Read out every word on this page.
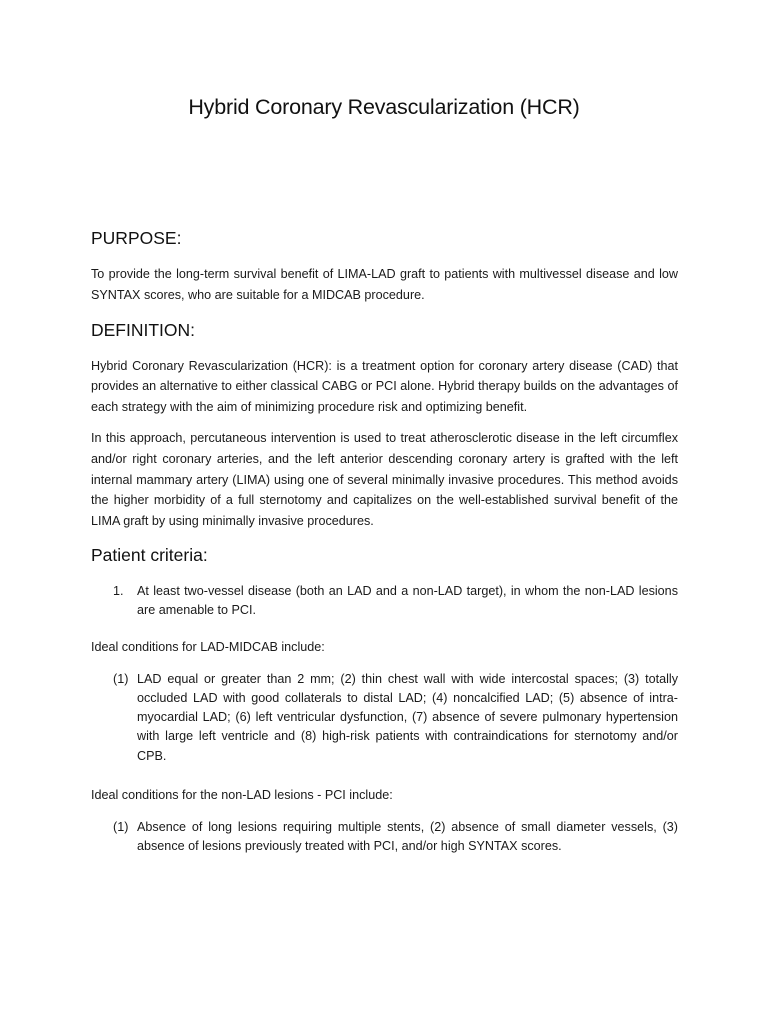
Hybrid Coronary Revascularization (HCR)
PURPOSE:

To provide the long-term survival benefit of LIMA-LAD graft to patients with multivessel disease and low SYNTAX scores, who are suitable for a MIDCAB procedure.

DEFINITION:

Hybrid Coronary Revascularization (HCR): is a treatment option for coronary artery disease (CAD) that provides an alternative to either classical CABG or PCI alone. Hybrid therapy builds on the advantages of each strategy with the aim of minimizing procedure risk and optimizing benefit.

In this approach, percutaneous intervention is used to treat atherosclerotic disease in the left circumflex and/or right coronary arteries, and the left anterior descending coronary artery is grafted with the left internal mammary artery (LIMA) using one of several minimally invasive procedures. This method avoids the higher morbidity of a full sternotomy and capitalizes on the well-established survival benefit of the LIMA graft by using minimally invasive procedures.

Patient criteria:
1.	At least two-vessel disease (both an LAD and a non-LAD target), in whom the non-LAD lesions are amenable to PCI.

Ideal conditions for LAD-MIDCAB include:

(1) LAD equal or greater than 2 mm; (2) thin chest wall with wide intercostal spaces; (3) totally occluded LAD with good collaterals to distal LAD; (4) noncalcified LAD; (5) absence of intra-myocardial LAD; (6) left ventricular dysfunction, (7) absence of severe pulmonary hypertension with large left ventricle and (8) high-risk patients with contraindications for sternotomy and/or CPB.

Ideal conditions for the non-LAD lesions - PCI include:

(1) Absence of long lesions requiring multiple stents, (2) absence of small diameter vessels, (3) absence of lesions previously treated with PCI, and/or high SYNTAX scores.
